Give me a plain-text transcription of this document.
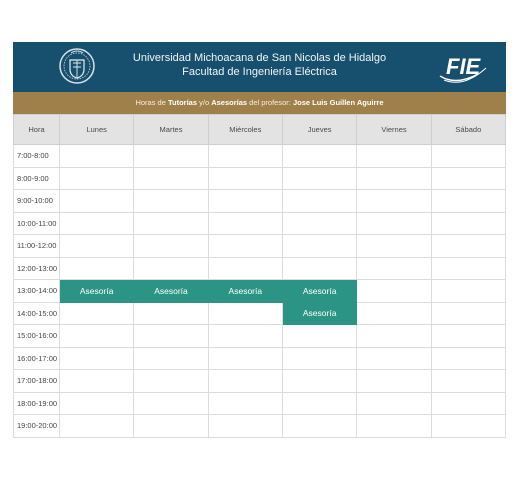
Universidad Michoacana de San Nicolas de Hidalgo
Facultad de Ingeniería Eléctrica	FIE
Horas de Tutorías y/o Asesorías del profesor: Jose Luis Guillen Aguirre
Hora	Lunes	Martes	Miércoles	Jueves	Viernes	Sábado
7:00-8:00						
8:00-9:00						
9:00-10:00						
10:00-11:00						
11:00-12:00						
12:00-13:00						
13:00-14:00	Asesoría	Asesoría	Asesoría	Asesoría		
14:00-15:00				Asesoría		
15:00-16:00						
16:00-17:00						
17:00-18:00						
18:00-19:00						
19:00-20:00						
